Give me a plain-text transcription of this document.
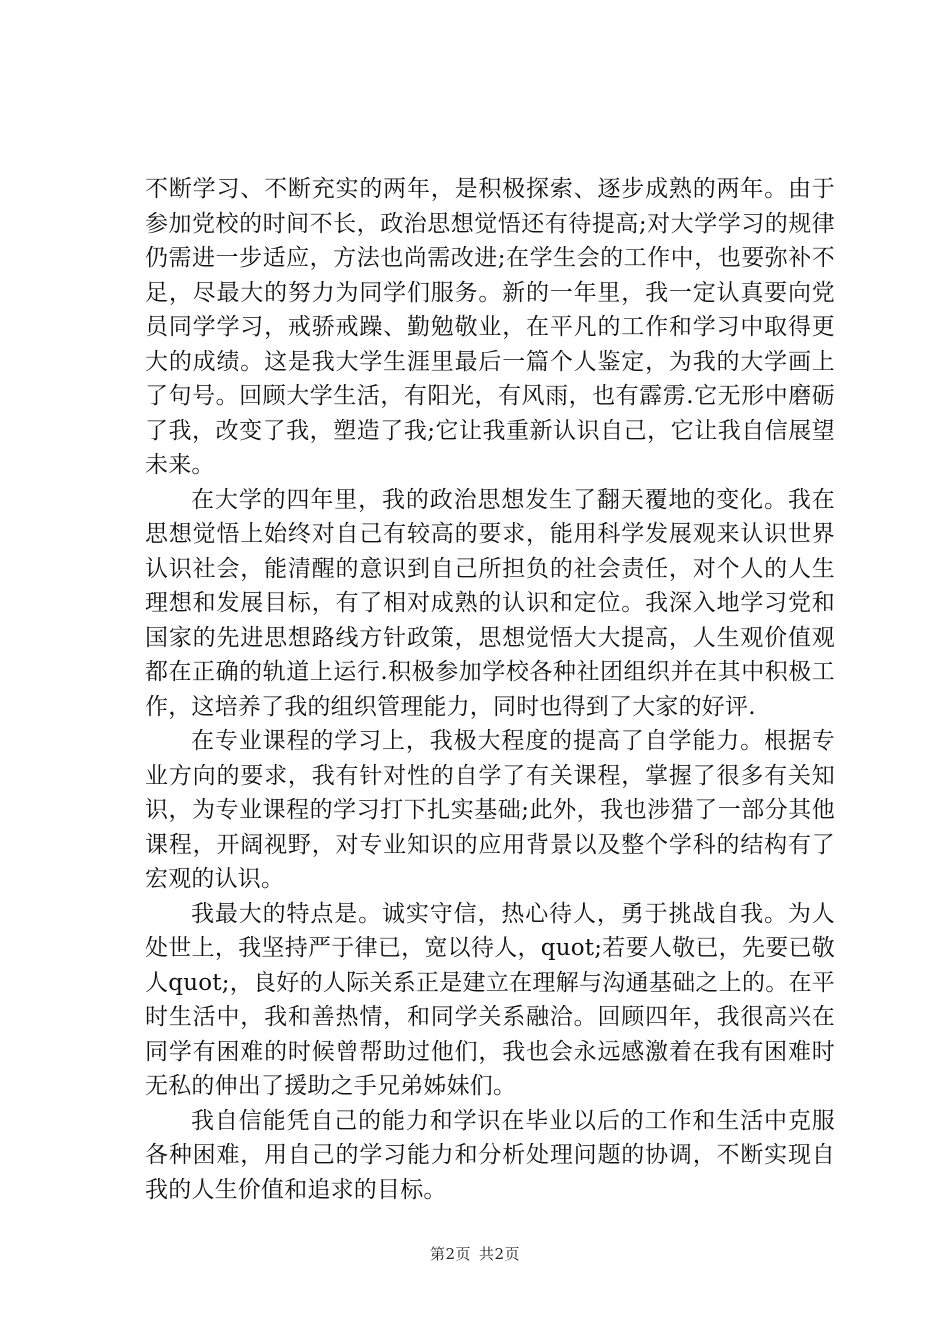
不断学习、不断充实的两年，是积极探索、逐步成熟的两年。由于参加党校的时间不长，政治思想觉悟还有待提高;对大学学习的规律仍需进一步适应，方法也尚需改进;在学生会的工作中，也要弥补不足，尽最大的努力为同学们服务。新的一年里，我一定认真要向党员同学学习，戒骄戒躁、勤勉敬业，在平凡的工作和学习中取得更大的成绩。这是我大学生涯里最后一篇个人鉴定，为我的大学画上了句号。回顾大学生活，有阳光，有风雨，也有霹雳.它无形中磨砺了我，改变了我，塑造了我;它让我重新认识自己，它让我自信展望未来。

在大学的四年里，我的政治思想发生了翻天覆地的变化。我在思想觉悟上始终对自己有较高的要求，能用科学发展观来认识世界认识社会，能清醒的意识到自己所担负的社会责任，对个人的人生理想和发展目标，有了相对成熟的认识和定位。我深入地学习党和国家的先进思想路线方针政策，思想觉悟大大提高，人生观价值观都在正确的轨道上运行.积极参加学校各种社团组织并在其中积极工作，这培养了我的组织管理能力，同时也得到了大家的好评.

在专业课程的学习上，我极大程度的提高了自学能力。根据专业方向的要求，我有针对性的自学了有关课程，掌握了很多有关知识，为专业课程的学习打下扎实基础;此外，我也涉猎了一部分其他课程，开阔视野，对专业知识的应用背景以及整个学科的结构有了宏观的认识。

我最大的特点是。诚实守信，热心待人，勇于挑战自我。为人处世上，我坚持严于律已，宽以待人，quot;若要人敬已，先要已敬人quot;，良好的人际关系正是建立在理解与沟通基础之上的。在平时生活中，我和善热情，和同学关系融洽。回顾四年，我很高兴在同学有困难的时候曾帮助过他们，我也会永远感激着在我有困难时无私的伸出了援助之手兄弟姊妹们。

我自信能凭自己的能力和学识在毕业以后的工作和生活中克服各种困难，用自己的学习能力和分析处理问题的协调，不断实现自我的人生价值和追求的目标。

第2页 共2页
